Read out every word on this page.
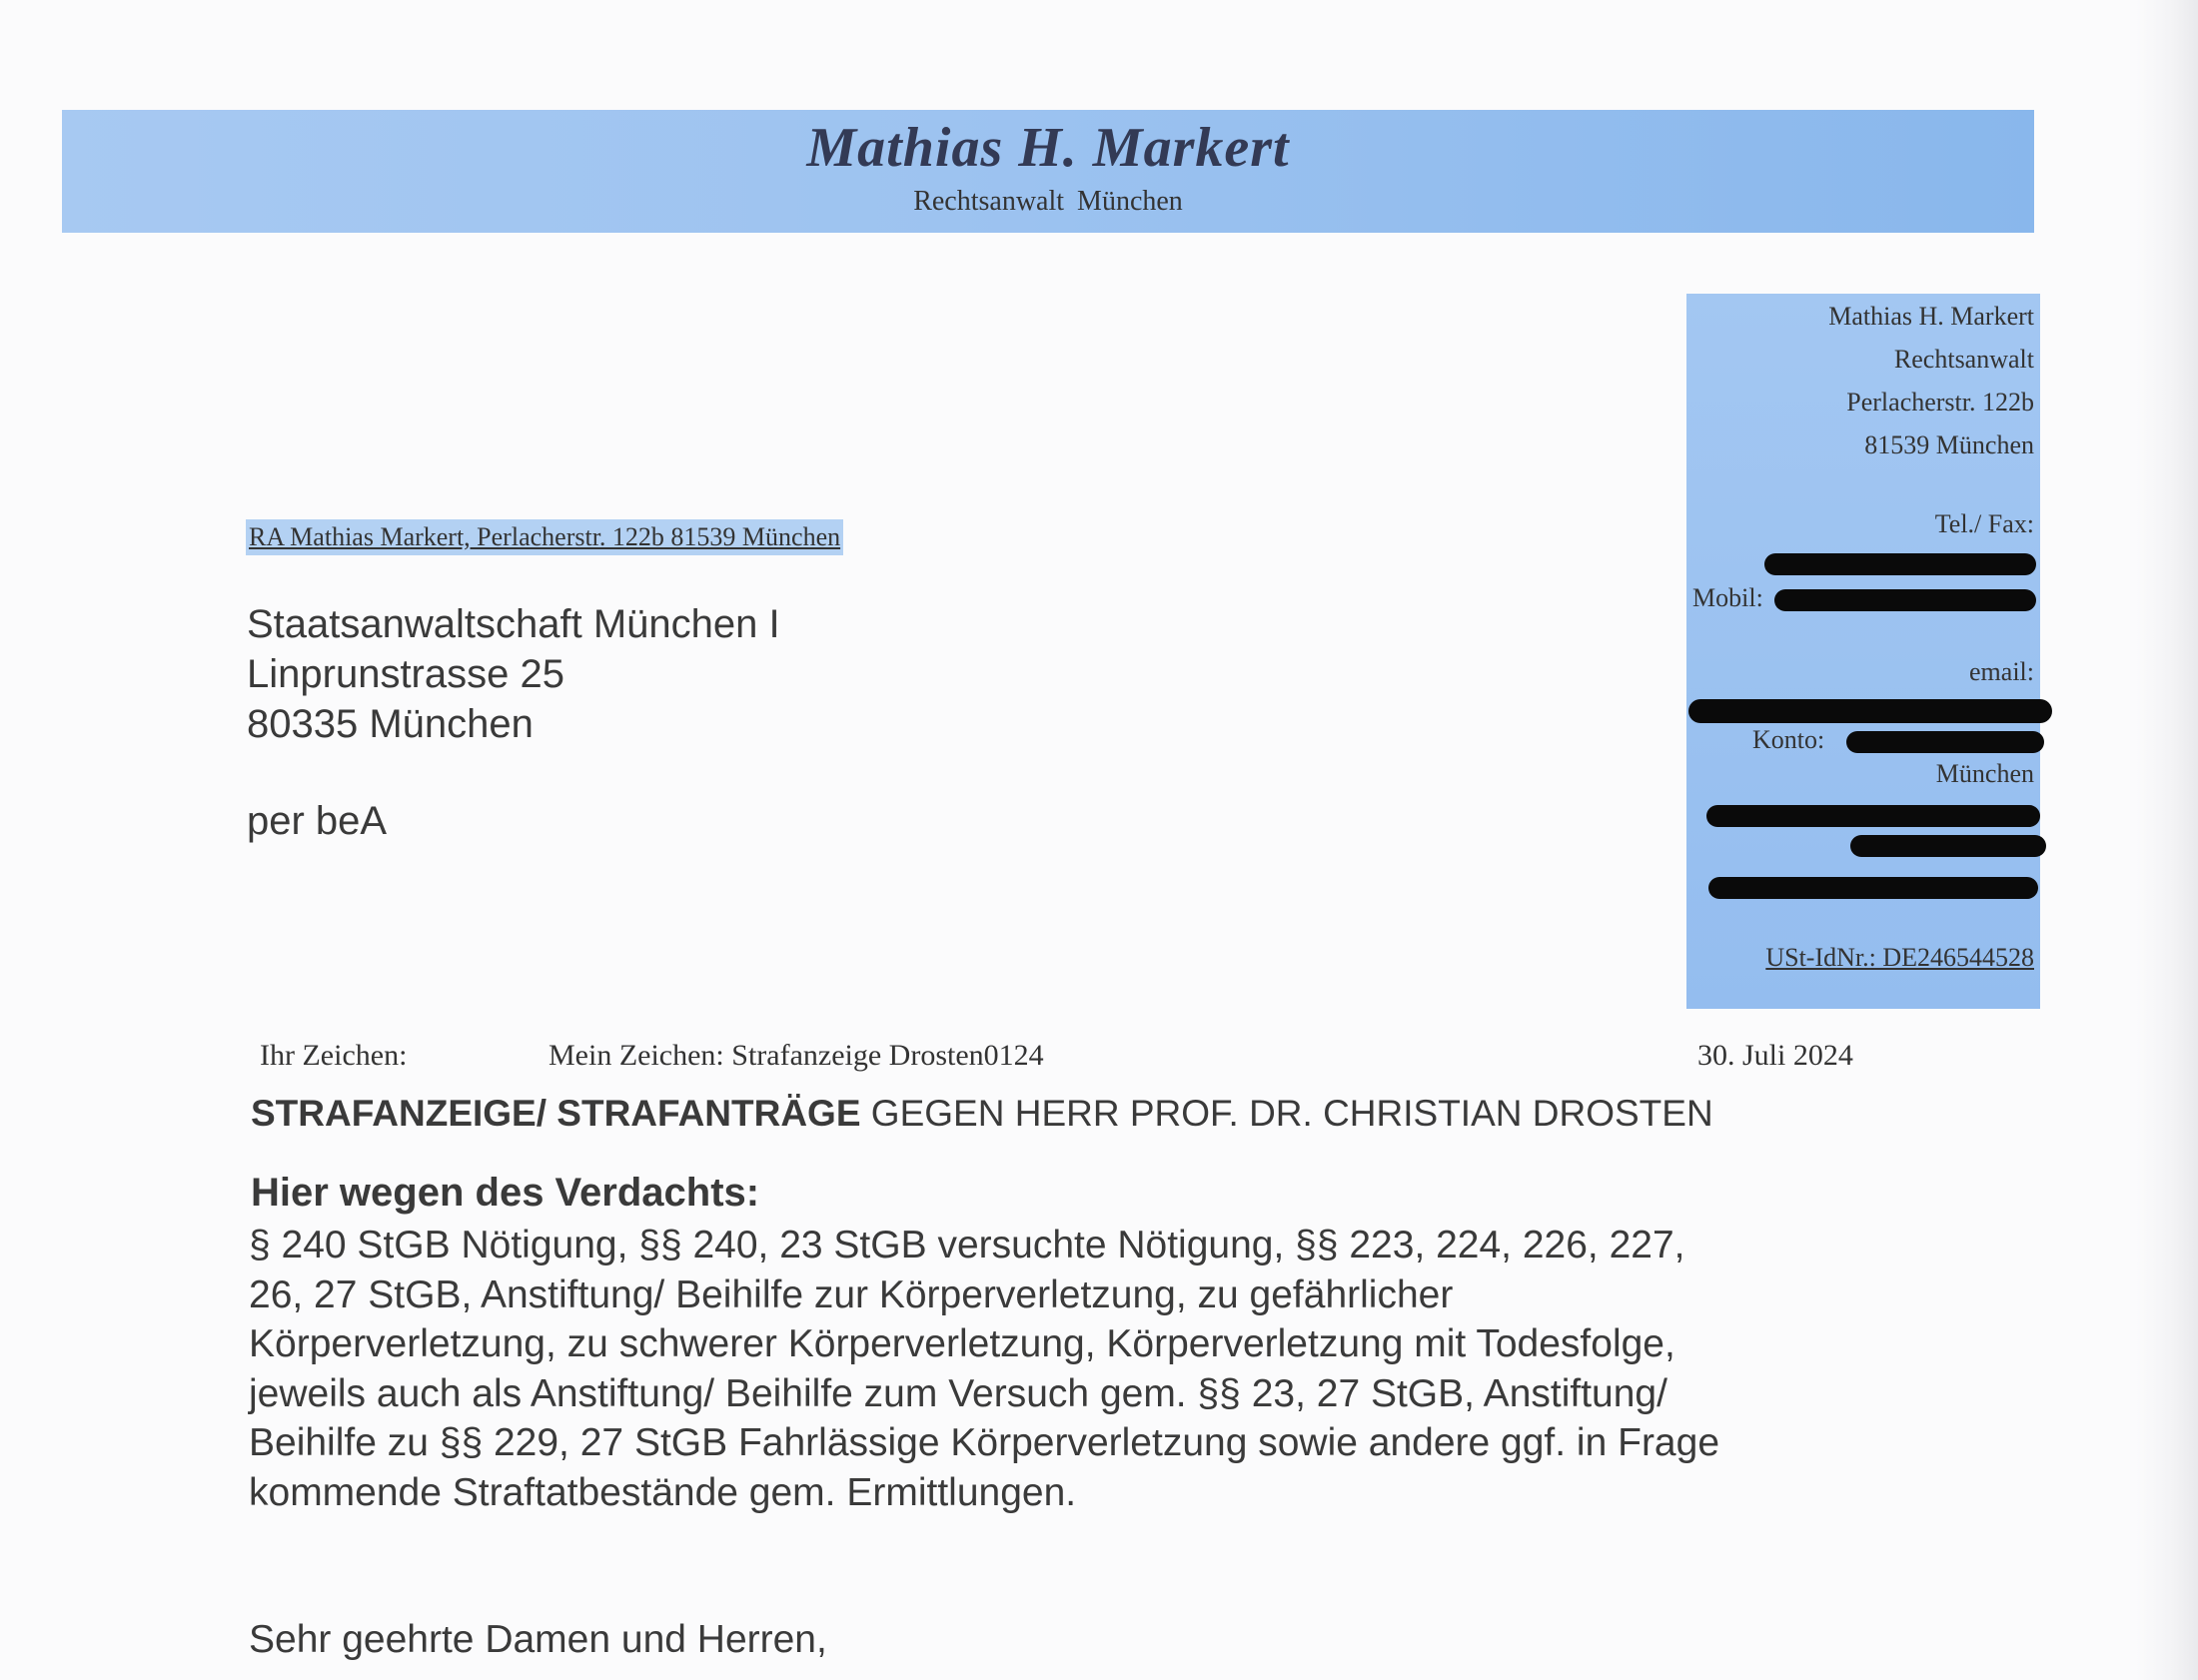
Mathias H. Markert
Rechtsanwalt München
Mathias H. Markert
Rechtsanwalt
Perlacherstr. 122b
81539 München
Tel./ Fax:
Mobil:
email:
Konto:
München
USt-IdNr.: DE246544528
RA Mathias Markert, Perlacherstr. 122b 81539 München
Staatsanwaltschaft München I
Linprunstrasse 25
80335 München
per beA
Ihr Zeichen:	Mein Zeichen: Strafanzeige Drosten0124	30. Juli 2024
STRAFANZEIGE/ STRAFANTRÄGE GEGEN HERR PROF. DR. CHRISTIAN DROSTEN
Hier wegen des Verdachts:
§ 240 StGB Nötigung, §§ 240, 23 StGB versuchte Nötigung, §§ 223, 224, 226, 227,
26, 27 StGB, Anstiftung/ Beihilfe zur Körperverletzung, zu gefährlicher
Körperverletzung, zu schwerer Körperverletzung, Körperverletzung mit Todesfolge,
jeweils auch als Anstiftung/ Beihilfe zum Versuch gem. §§ 23, 27 StGB, Anstiftung/
Beihilfe zu §§ 229, 27 StGB Fahrlässige Körperverletzung sowie andere ggf. in Frage
kommende Straftatbestände gem. Ermittlungen.
Sehr geehrte Damen und Herren,
